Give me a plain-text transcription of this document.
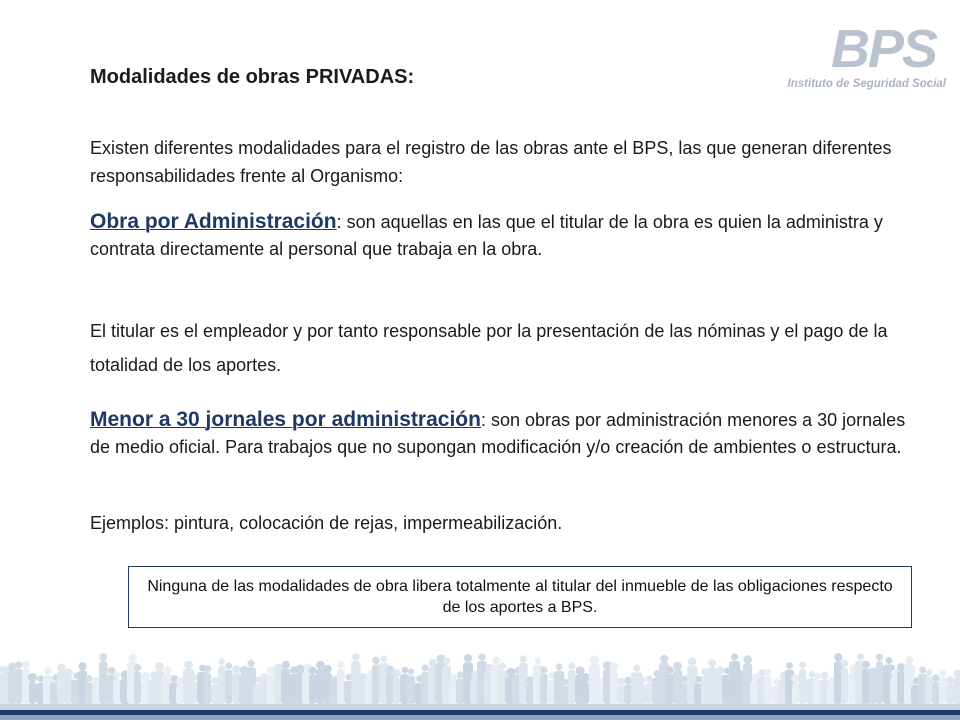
BPS
Instituto de Seguridad Social
Modalidades de obras PRIVADAS:
Existen diferentes modalidades para el registro de las obras ante el BPS, las que generan diferentes responsabilidades frente al Organismo:
Obra por Administración: son aquellas en las que el titular de la obra es quien la administra y contrata directamente al personal que trabaja en la obra.
El titular es el empleador y por tanto responsable por la presentación de las nóminas y el pago de la totalidad de los aportes.
Menor a 30 jornales por administración: son obras por administración menores a 30 jornales de medio oficial. Para trabajos que no supongan modificación y/o creación de ambientes o estructura.
Ejemplos: pintura, colocación de rejas, impermeabilización.
Ninguna de las modalidades de obra libera totalmente al titular del inmueble de las obligaciones respecto de los aportes a BPS.
